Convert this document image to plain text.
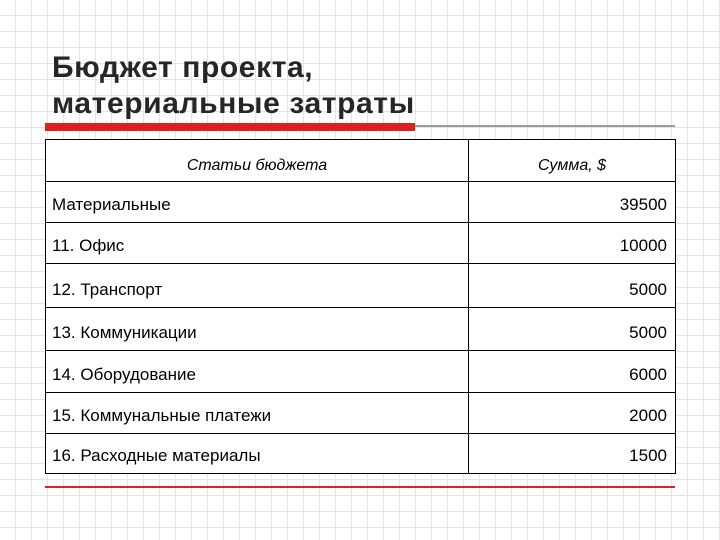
Бюджет проекта,
материальные затраты
Статьи бюджета	Сумма, $
Материальные	39500
11. Офис	10000
12. Транспорт	5000
13. Коммуникации	5000
14. Оборудование	6000
15. Коммунальные платежи	2000
16. Расходные материалы	1500
